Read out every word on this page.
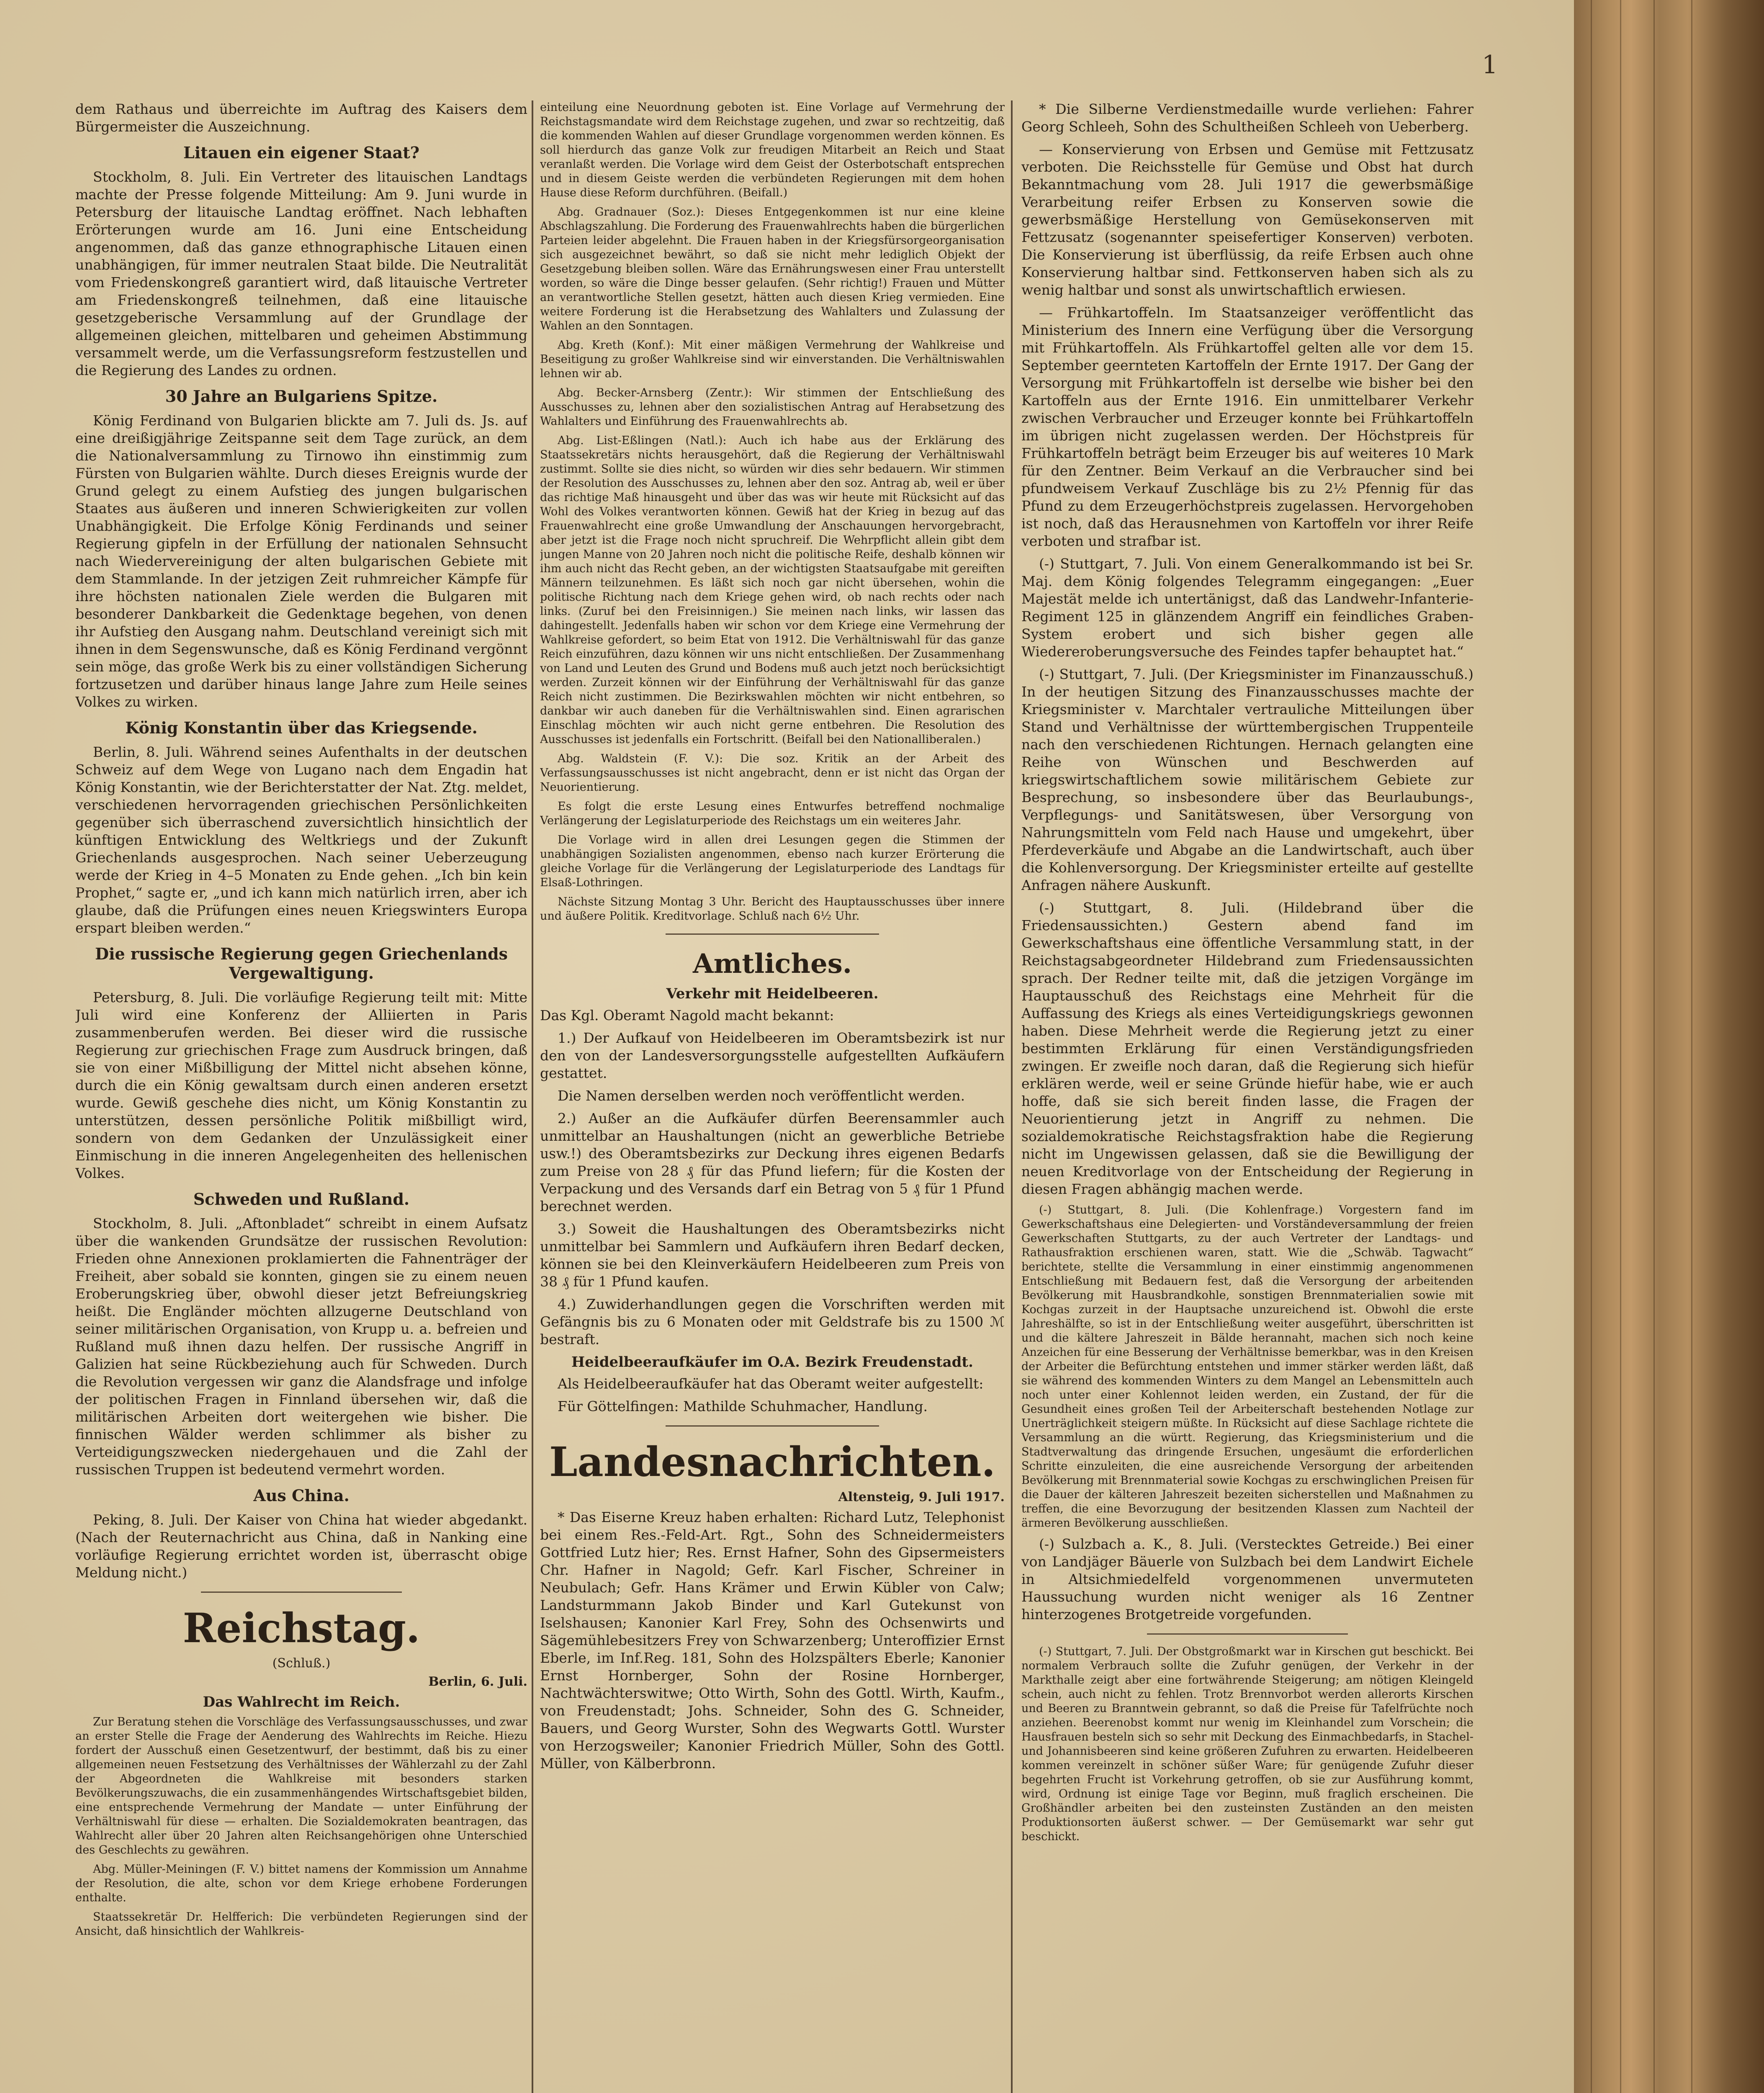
1

dem Rathaus und überreichte im Auftrag des Kaisers dem Bürgermeister die Auszeichnung.

Litauen ein eigener Staat?

Stockholm, 8. Juli. Ein Vertreter des litauischen Landtags machte der Presse folgende Mitteilung: Am 9. Juni wurde in Petersburg der litauische Landtag eröffnet. Nach lebhaften Erörterungen wurde am 16. Juni eine Entscheidung angenommen, daß das ganze ethnographische Litauen einen unabhängigen, für immer neutralen Staat bilde. Die Neutralität vom Friedenskongreß garantiert wird, daß litauische Vertreter am Friedenskongreß teilnehmen, daß eine litauische gesetzgeberische Versammlung auf der Grundlage der allgemeinen gleichen, mittelbaren und geheimen Abstimmung versammelt werde, um die Verfassungsreform festzustellen und die Regierung des Landes zu ordnen.

30 Jahre an Bulgariens Spitze.

König Ferdinand von Bulgarien blickte am 7. Juli ds. Js. auf eine dreißigjährige Zeitspanne seit dem Tage zurück, an dem die Nationalversammlung zu Tirnowo ihn einstimmig zum Fürsten von Bulgarien wählte. Durch dieses Ereignis wurde der Grund gelegt zu einem Aufstieg des jungen bulgarischen Staates aus äußeren und inneren Schwierigkeiten zur vollen Unabhängigkeit. Die Erfolge König Ferdinands und seiner Regierung gipfeln in der Erfüllung der nationalen Sehnsucht nach Wiedervereinigung der alten bulgarischen Gebiete mit dem Stammlande. In der jetzigen Zeit ruhmreicher Kämpfe für ihre höchsten nationalen Ziele werden die Bulgaren mit besonderer Dankbarkeit die Gedenktage begehen, von denen ihr Aufstieg den Ausgang nahm. Deutschland vereinigt sich mit ihnen in dem Segenswunsche, daß es König Ferdinand vergönnt sein möge, das große Werk bis zu einer vollständigen Sicherung fortzusetzen und darüber hinaus lange Jahre zum Heile seines Volkes zu wirken.

König Konstantin über das Kriegsende.

Berlin, 8. Juli. Während seines Aufenthalts in der deutschen Schweiz auf dem Wege von Lugano nach dem Engadin hat König Konstantin, wie der Berichterstatter der Nat. Ztg. meldet, verschiedenen hervorragenden griechischen Persönlichkeiten gegenüber sich überraschend zuversichtlich hinsichtlich der künftigen Entwicklung des Weltkriegs und der Zukunft Griechenlands ausgesprochen. Nach seiner Ueberzeugung werde der Krieg in 4–5 Monaten zu Ende gehen. „Ich bin kein Prophet,“ sagte er, „und ich kann mich natürlich irren, aber ich glaube, daß die Prüfungen eines neuen Kriegswinters Europa erspart bleiben werden.“

Die russische Regierung gegen Griechenlands Vergewaltigung.

Petersburg, 8. Juli. Die vorläufige Regierung teilt mit: Mitte Juli wird eine Konferenz der Alliierten in Paris zusammenberufen werden. Bei dieser wird die russische Regierung zur griechischen Frage zum Ausdruck bringen, daß sie von einer Mißbilligung der Mittel nicht absehen könne, durch die ein König gewaltsam durch einen anderen ersetzt wurde. Gewiß geschehe dies nicht, um König Konstantin zu unterstützen, dessen persönliche Politik mißbilligt wird, sondern von dem Gedanken der Unzulässigkeit einer Einmischung in die inneren Angelegenheiten des hellenischen Volkes.

Schweden und Rußland.

Stockholm, 8. Juli. „Aftonbladet“ schreibt in einem Aufsatz über die wankenden Grundsätze der russischen Revolution: Frieden ohne Annexionen proklamierten die Fahnenträger der Freiheit, aber sobald sie konnten, gingen sie zu einem neuen Eroberungskrieg über, obwohl dieser jetzt Befreiungskrieg heißt. Die Engländer möchten allzugerne Deutschland von seiner militärischen Organisation, von Krupp u. a. befreien und Rußland muß ihnen dazu helfen. Der russische Angriff in Galizien hat seine Rückbeziehung auch für Schweden. Durch die Revolution vergessen wir ganz die Alandsfrage und infolge der politischen Fragen in Finnland übersehen wir, daß die militärischen Arbeiten dort weitergehen wie bisher. Die finnischen Wälder werden schlimmer als bisher zu Verteidigungszwecken niedergehauen und die Zahl der russischen Truppen ist bedeutend vermehrt worden.

Aus China.

Peking, 8. Juli. Der Kaiser von China hat wieder abgedankt. (Nach der Reuternachricht aus China, daß in Nanking eine vorläufige Regierung errichtet worden ist, überrascht obige Meldung nicht.)

Reichstag.
(Schluß.)
Berlin, 6. Juli.
Das Wahlrecht im Reich.

Zur Beratung stehen die Vorschläge des Verfassungsausschusses, und zwar an erster Stelle die Frage der Aenderung des Wahlrechts im Reiche. Hiezu fordert der Ausschuß einen Gesetzentwurf, der bestimmt, daß bis zu einer allgemeinen neuen Festsetzung des Verhältnisses der Wählerzahl zu der Zahl der Abgeordneten die Wahlkreise mit besonders starken Bevölkerungszuwachs, die ein zusammenhängendes Wirtschaftsgebiet bilden, eine entsprechende Vermehrung der Mandate — unter Einführung der Verhältniswahl für diese — erhalten. Die Sozialdemokraten beantragen, das Wahlrecht aller über 20 Jahren alten Reichsangehörigen ohne Unterschied des Geschlechts zu gewähren.

Abg. Müller-Meiningen (F. V.) bittet namens der Kommission um Annahme der Resolution, die alte, schon vor dem Kriege erhobene Forderungen enthalte.

Staatssekretär Dr. Helfferich: Die verbündeten Regierungen sind der Ansicht, daß hinsichtlich der Wahlkreis-

einteilung eine Neuordnung geboten ist. Eine Vorlage auf Vermehrung der Reichstagsmandate wird dem Reichstage zugehen, und zwar so rechtzeitig, daß die kommenden Wahlen auf dieser Grundlage vorgenommen werden können. Es soll hierdurch das ganze Volk zur freudigen Mitarbeit an Reich und Staat veranlaßt werden. Die Vorlage wird dem Geist der Osterbotschaft entsprechen und in diesem Geiste werden die verbündeten Regierungen mit dem hohen Hause diese Reform durchführen. (Beifall.)

Abg. Gradnauer (Soz.): Dieses Entgegenkommen ist nur eine kleine Abschlagszahlung. Die Forderung des Frauenwahlrechts haben die bürgerlichen Parteien leider abgelehnt. Die Frauen haben in der Kriegsfürsorgeorganisation sich ausgezeichnet bewährt, so daß sie nicht mehr lediglich Objekt der Gesetzgebung bleiben sollen. Wäre das Ernährungswesen einer Frau unterstellt worden, so wäre die Dinge besser gelaufen. (Sehr richtig!) Frauen und Mütter an verantwortliche Stellen gesetzt, hätten auch diesen Krieg vermieden. Eine weitere Forderung ist die Herabsetzung des Wahlalters und Zulassung der Wahlen an den Sonntagen.

Abg. Kreth (Konf.): Mit einer mäßigen Vermehrung der Wahlkreise und Beseitigung zu großer Wahlkreise sind wir einverstanden. Die Verhältniswahlen lehnen wir ab.

Abg. Becker-Arnsberg (Zentr.): Wir stimmen der Entschließung des Ausschusses zu, lehnen aber den sozialistischen Antrag auf Herabsetzung des Wahlalters und Einführung des Frauenwahlrechts ab.

Abg. List-Eßlingen (Natl.): Auch ich habe aus der Erklärung des Staatssekretärs nichts herausgehört, daß die Regierung der Verhältniswahl zustimmt. Sollte sie dies nicht, so würden wir dies sehr bedauern. Wir stimmen der Resolution des Ausschusses zu, lehnen aber den soz. Antrag ab, weil er über das richtige Maß hinausgeht und über das was wir heute mit Rücksicht auf das Wohl des Volkes verantworten können. Gewiß hat der Krieg in bezug auf das Frauenwahlrecht eine große Umwandlung der Anschauungen hervorgebracht, aber jetzt ist die Frage noch nicht spruchreif. Die Wehrpflicht allein gibt dem jungen Manne von 20 Jahren noch nicht die politische Reife, deshalb können wir ihm auch nicht das Recht geben, an der wichtigsten Staatsaufgabe mit gereiften Männern teilzunehmen. Es läßt sich noch gar nicht übersehen, wohin die politische Richtung nach dem Kriege gehen wird, ob nach rechts oder nach links. (Zuruf bei den Freisinnigen.) Sie meinen nach links, wir lassen das dahingestellt. Jedenfalls haben wir schon vor dem Kriege eine Vermehrung der Wahlkreise gefordert, so beim Etat von 1912. Die Verhältniswahl für das ganze Reich einzuführen, dazu können wir uns nicht entschließen. Der Zusammenhang von Land und Leuten des Grund und Bodens muß auch jetzt noch berücksichtigt werden. Zurzeit können wir der Einführung der Verhältniswahl für das ganze Reich nicht zustimmen. Die Bezirkswahlen möchten wir nicht entbehren, so dankbar wir auch daneben für die Verhältniswahlen sind. Einen agrarischen Einschlag möchten wir auch nicht gerne entbehren. Die Resolution des Ausschusses ist jedenfalls ein Fortschritt. (Beifall bei den Nationalliberalen.)

Abg. Waldstein (F. V.): Die soz. Kritik an der Arbeit des Verfassungsausschusses ist nicht angebracht, denn er ist nicht das Organ der Neuorientierung.

Es folgt die erste Lesung eines Entwurfes betreffend nochmalige Verlängerung der Legislaturperiode des Reichstags um ein weiteres Jahr.

Die Vorlage wird in allen drei Lesungen gegen die Stimmen der unabhängigen Sozialisten angenommen, ebenso nach kurzer Erörterung die gleiche Vorlage für die Verlängerung der Legislaturperiode des Landtags für Elsaß-Lothringen.

Nächste Sitzung Montag 3 Uhr. Bericht des Hauptausschusses über innere und äußere Politik. Kreditvorlage. Schluß nach 6½ Uhr.

Amtliches.
Verkehr mit Heidelbeeren.

Das Kgl. Oberamt Nagold macht bekannt:

1.) Der Aufkauf von Heidelbeeren im Oberamtsbezirk ist nur den von der Landesversorgungsstelle aufgestellten Aufkäufern gestattet.

Die Namen derselben werden noch veröffentlicht werden.

2.) Außer an die Aufkäufer dürfen Beerensammler auch unmittelbar an Haushaltungen (nicht an gewerbliche Betriebe usw.!) des Oberamtsbezirks zur Deckung ihres eigenen Bedarfs zum Preise von 28 ₰ für das Pfund liefern; für die Kosten der Verpackung und des Versands darf ein Betrag von 5 ₰ für 1 Pfund berechnet werden.

3.) Soweit die Haushaltungen des Oberamtsbezirks nicht unmittelbar bei Sammlern und Aufkäufern ihren Bedarf decken, können sie bei den Kleinverkäufern Heidelbeeren zum Preis von 38 ₰ für 1 Pfund kaufen.

4.) Zuwiderhandlungen gegen die Vorschriften werden mit Gefängnis bis zu 6 Monaten oder mit Geldstrafe bis zu 1500 ℳ bestraft.

Heidelbeeraufkäufer im O.A. Bezirk Freudenstadt.

Als Heidelbeeraufkäufer hat das Oberamt weiter aufgestellt:

Für Göttelfingen: Mathilde Schuhmacher, Handlung.

Landesnachrichten.
Altensteig, 9. Juli 1917.

* Das Eiserne Kreuz haben erhalten: Richard Lutz, Telephonist bei einem Res.-Feld-Art. Rgt., Sohn des Schneidermeisters Gottfried Lutz hier; Res. Ernst Hafner, Sohn des Gipsermeisters Chr. Hafner in Nagold; Gefr. Karl Fischer, Schreiner in Neubulach; Gefr. Hans Krämer und Erwin Kübler von Calw; Landsturmmann Jakob Binder und Karl Gutekunst von Iselshausen; Kanonier Karl Frey, Sohn des Ochsenwirts und Sägemühlebesitzers Frey von Schwarzenberg; Unteroffizier Ernst Eberle, im Inf.Reg. 181, Sohn des Holzspälters Eberle; Kanonier Ernst Hornberger, Sohn der Rosine Hornberger, Nachtwächterswitwe; Otto Wirth, Sohn des Gottl. Wirth, Kaufm., von Freudenstadt; Johs. Schneider, Sohn des G. Schneider, Bauers, und Georg Wurster, Sohn des Wegwarts Gottl. Wurster von Herzogsweiler; Kanonier Friedrich Müller, Sohn des Gottl. Müller, von Kälberbronn.

* Die Silberne Verdienstmedaille wurde verliehen: Fahrer Georg Schleeh, Sohn des Schultheißen Schleeh von Ueberberg.

— Konservierung von Erbsen und Gemüse mit Fettzusatz verboten. Die Reichsstelle für Gemüse und Obst hat durch Bekanntmachung vom 28. Juli 1917 die gewerbsmäßige Verarbeitung reifer Erbsen zu Konserven sowie die gewerbsmäßige Herstellung von Gemüsekonserven mit Fettzusatz (sogenannter speisefertiger Konserven) verboten. Die Konservierung ist überflüssig, da reife Erbsen auch ohne Konservierung haltbar sind. Fettkonserven haben sich als zu wenig haltbar und sonst als unwirtschaftlich erwiesen.

— Frühkartoffeln. Im Staatsanzeiger veröffentlicht das Ministerium des Innern eine Verfügung über die Versorgung mit Frühkartoffeln. Als Frühkartoffel gelten alle vor dem 15. September geernteten Kartoffeln der Ernte 1917. Der Gang der Versorgung mit Frühkartoffeln ist derselbe wie bisher bei den Kartoffeln aus der Ernte 1916. Ein unmittelbarer Verkehr zwischen Verbraucher und Erzeuger konnte bei Frühkartoffeln im übrigen nicht zugelassen werden. Der Höchstpreis für Frühkartoffeln beträgt beim Erzeuger bis auf weiteres 10 Mark für den Zentner. Beim Verkauf an die Verbraucher sind bei pfundweisem Verkauf Zuschläge bis zu 2½ Pfennig für das Pfund zu dem Erzeugerhöchstpreis zugelassen. Hervorgehoben ist noch, daß das Herausnehmen von Kartoffeln vor ihrer Reife verboten und strafbar ist.

(-) Stuttgart, 7. Juli. Von einem Generalkommando ist bei Sr. Maj. dem König folgendes Telegramm eingegangen: „Euer Majestät melde ich untertänigst, daß das Landwehr-Infanterie-Regiment 125 in glänzendem Angriff ein feindliches Graben-System erobert und sich bisher gegen alle Wiedereroberungsversuche des Feindes tapfer behauptet hat.“

(-) Stuttgart, 7. Juli. (Der Kriegsminister im Finanzausschuß.) In der heutigen Sitzung des Finanzausschusses machte der Kriegsminister v. Marchtaler vertrauliche Mitteilungen über Stand und Verhältnisse der württembergischen Truppenteile nach den verschiedenen Richtungen. Hernach gelangten eine Reihe von Wünschen und Beschwerden auf kriegswirtschaftlichem sowie militärischem Gebiete zur Besprechung, so insbesondere über das Beurlaubungs-, Verpflegungs- und Sanitätswesen, über Versorgung von Nahrungsmitteln vom Feld nach Hause und umgekehrt, über Pferdeverkäufe und Abgabe an die Landwirtschaft, auch über die Kohlenversorgung. Der Kriegsminister erteilte auf gestellte Anfragen nähere Auskunft.

(-) Stuttgart, 8. Juli. (Hildebrand über die Friedensaussichten.) Gestern abend fand im Gewerkschaftshaus eine öffentliche Versammlung statt, in der Reichstagsabgeordneter Hildebrand zum Friedensaussichten sprach. Der Redner teilte mit, daß die jetzigen Vorgänge im Hauptausschuß des Reichstags eine Mehrheit für die Auffassung des Kriegs als eines Verteidigungskriegs gewonnen haben. Diese Mehrheit werde die Regierung jetzt zu einer bestimmten Erklärung für einen Verständigungsfrieden zwingen. Er zweifle noch daran, daß die Regierung sich hiefür erklären werde, weil er seine Gründe hiefür habe, wie er auch hoffe, daß sie sich bereit finden lasse, die Fragen der Neuorientierung jetzt in Angriff zu nehmen. Die sozialdemokratische Reichstagsfraktion habe die Regierung nicht im Ungewissen gelassen, daß sie die Bewilligung der neuen Kreditvorlage von der Entscheidung der Regierung in diesen Fragen abhängig machen werde.

(-) Stuttgart, 8. Juli. (Die Kohlenfrage.) Vorgestern fand im Gewerkschaftshaus eine Delegierten- und Vorständeversammlung der freien Gewerkschaften Stuttgarts, zu der auch Vertreter der Landtags- und Rathausfraktion erschienen waren, statt. Wie die „Schwäb. Tagwacht“ berichtete, stellte die Versammlung in einer einstimmig angenommenen Entschließung mit Bedauern fest, daß die Versorgung der arbeitenden Bevölkerung mit Hausbrandkohle, sonstigen Brennmaterialien sowie mit Kochgas zurzeit in der Hauptsache unzureichend ist. Obwohl die erste Jahreshälfte, so ist in der Entschließung weiter ausgeführt, überschritten ist und die kältere Jahreszeit in Bälde herannaht, machen sich noch keine Anzeichen für eine Besserung der Verhältnisse bemerkbar, was in den Kreisen der Arbeiter die Befürchtung entstehen und immer stärker werden läßt, daß sie während des kommenden Winters zu dem Mangel an Lebensmitteln auch noch unter einer Kohlennot leiden werden, ein Zustand, der für die Gesundheit eines großen Teil der Arbeiterschaft bestehenden Notlage zur Unerträglichkeit steigern müßte. In Rücksicht auf diese Sachlage richtete die Versammlung an die württ. Regierung, das Kriegsministerium und die Stadtverwaltung das dringende Ersuchen, ungesäumt die erforderlichen Schritte einzuleiten, die eine ausreichende Versorgung der arbeitenden Bevölkerung mit Brennmaterial sowie Kochgas zu erschwinglichen Preisen für die Dauer der kälteren Jahreszeit bezeiten sicherstellen und Maßnahmen zu treffen, die eine Bevorzugung der besitzenden Klassen zum Nachteil der ärmeren Bevölkerung ausschließen.

(-) Sulzbach a. K., 8. Juli. (Verstecktes Getreide.) Bei einer von Landjäger Bäuerle von Sulzbach bei dem Landwirt Eichele in Altsichmiedelfeld vorgenommenen unvermuteten Haussuchung wurden nicht weniger als 16 Zentner hinterzogenes Brotgetreide vorgefunden.

(-) Stuttgart, 7. Juli. Der Obstgroßmarkt war in Kirschen gut beschickt. Bei normalem Verbrauch sollte die Zufuhr genügen, der Verkehr in der Markthalle zeigt aber eine fortwährende Steigerung; am nötigen Kleingeld schein, auch nicht zu fehlen. Trotz Brennvorbot werden allerorts Kirschen und Beeren zu Branntwein gebrannt, so daß die Preise für Tafelfrüchte noch anziehen. Beerenobst kommt nur wenig im Kleinhandel zum Vorschein; die Hausfrauen besteln sich so sehr mit Deckung des Einmachbedarfs, in Stachel- und Johannisbeeren sind keine größeren Zufuhren zu erwarten. Heidelbeeren kommen vereinzelt in schöner süßer Ware; für genügende Zufuhr dieser begehrten Frucht ist Vorkehrung getroffen, ob sie zur Ausführung kommt, wird, Ordnung ist einige Tage vor Beginn, muß fraglich erscheinen. Die Großhändler arbeiten bei den zusteinsten Zuständen an den meisten Produktionsorten äußerst schwer. — Der Gemüsemarkt war sehr gut beschickt.
